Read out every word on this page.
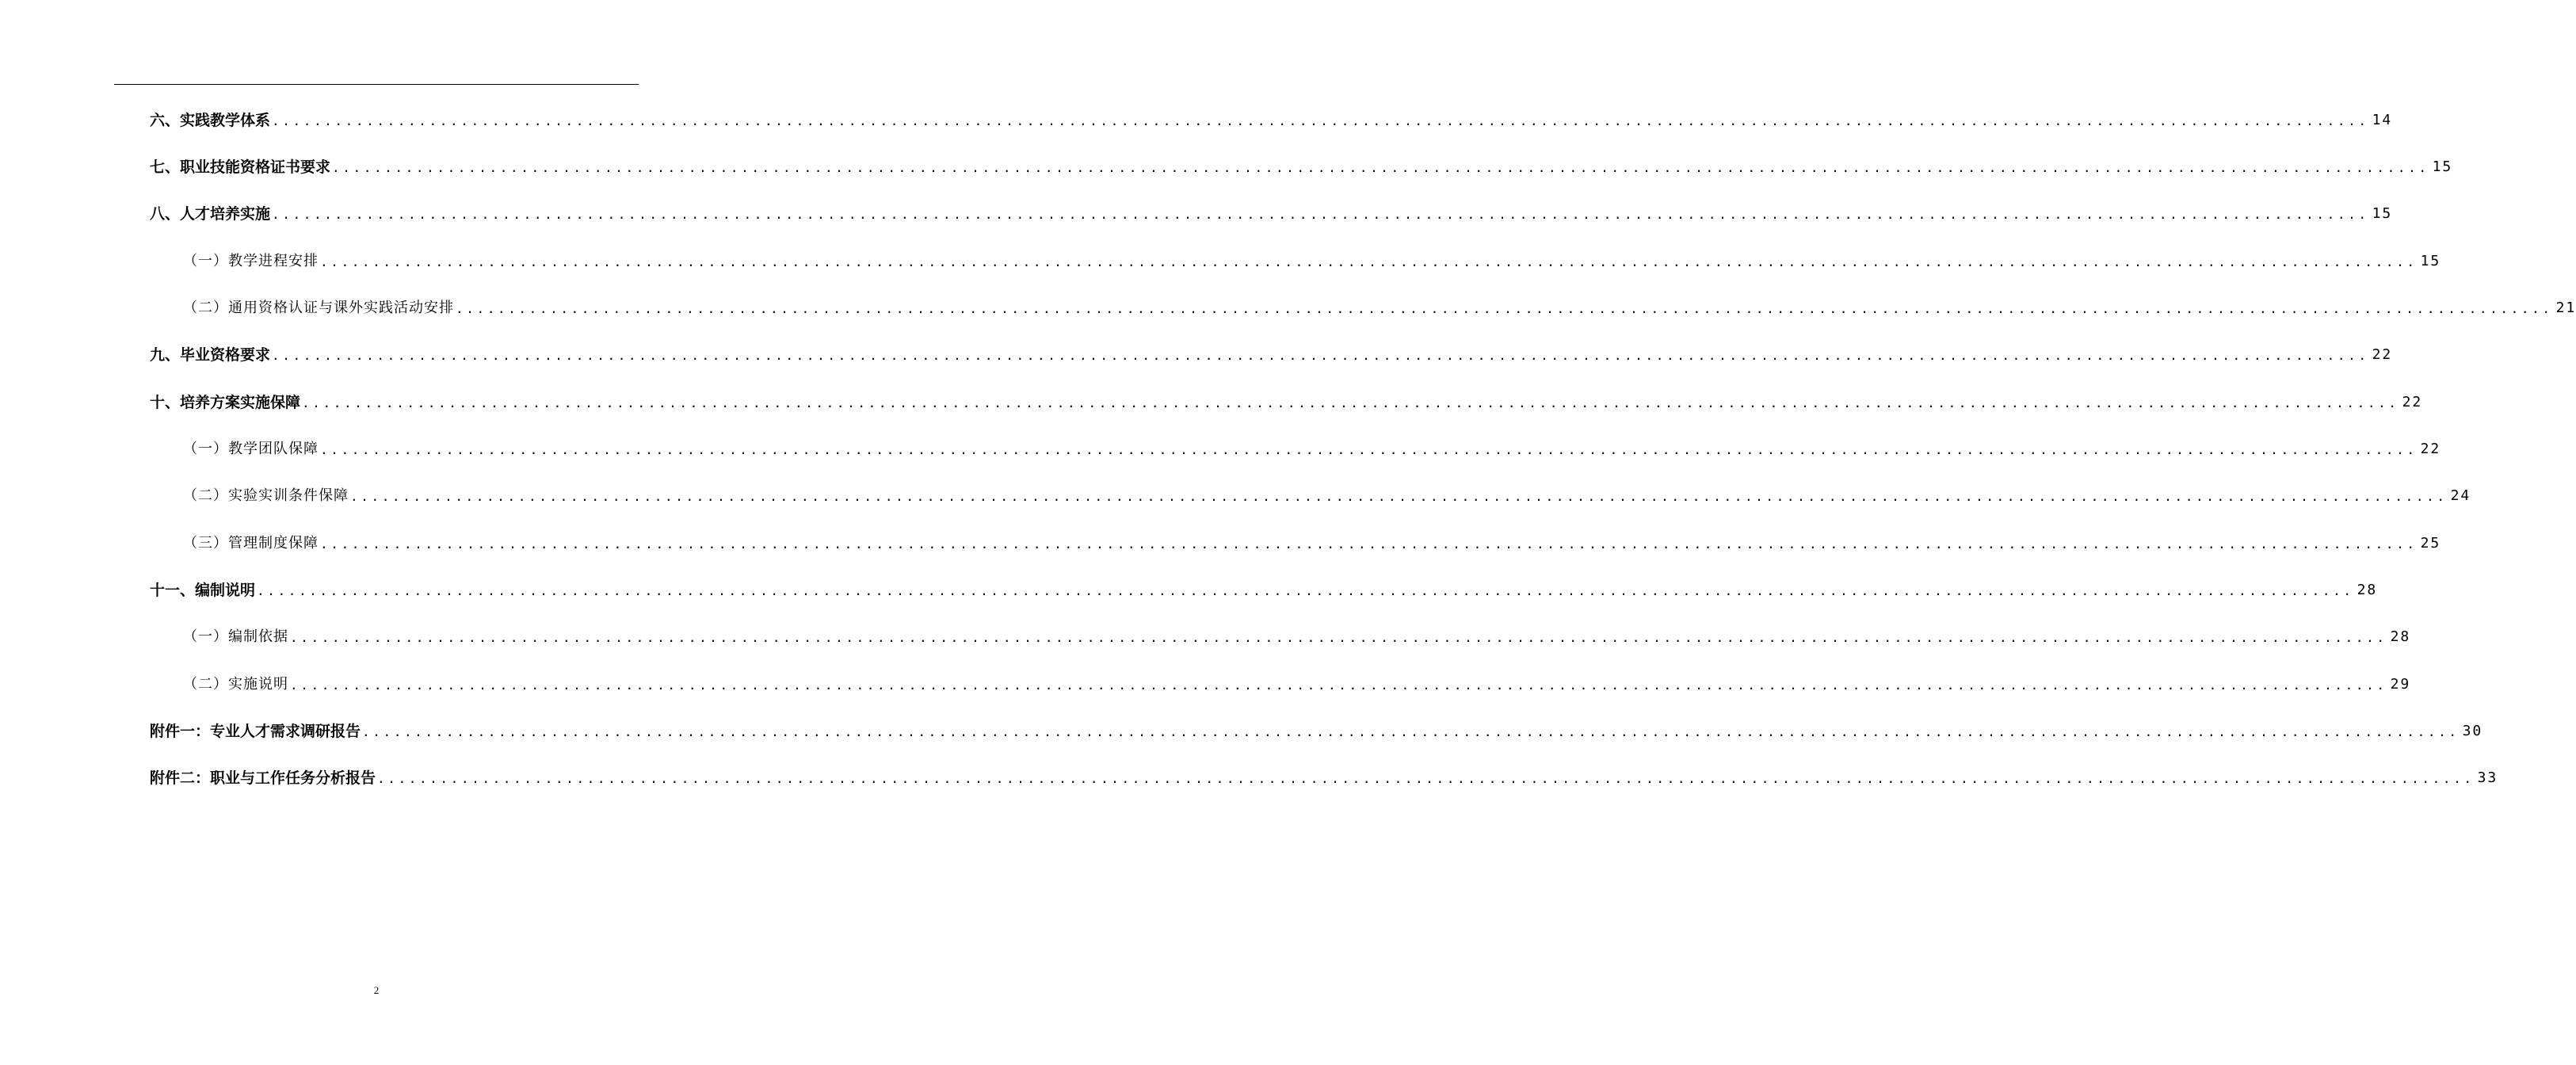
六、实践教学体系 ........................................................................................................................................................................................................ 14
七、职业技能资格证书要求 ........................................................................................................................................................................................................ 15
八、人才培养实施 ........................................................................................................................................................................................................ 15
（一）教学进程安排 ........................................................................................................................................................................................................ 15
（二）通用资格认证与课外实践活动安排 ........................................................................................................................................................................................................ 21
九、毕业资格要求 ........................................................................................................................................................................................................ 22
十、培养方案实施保障 ........................................................................................................................................................................................................ 22
（一）教学团队保障 ........................................................................................................................................................................................................ 22
（二）实验实训条件保障 ........................................................................................................................................................................................................ 24
（三）管理制度保障 ........................................................................................................................................................................................................ 25
十一、编制说明 ........................................................................................................................................................................................................ 28
（一）编制依据 ........................................................................................................................................................................................................ 28
（二）实施说明 ........................................................................................................................................................................................................ 29
附件一：专业人才需求调研报告 ........................................................................................................................................................................................................ 30
附件二：职业与工作任务分析报告 ........................................................................................................................................................................................................ 33
2
